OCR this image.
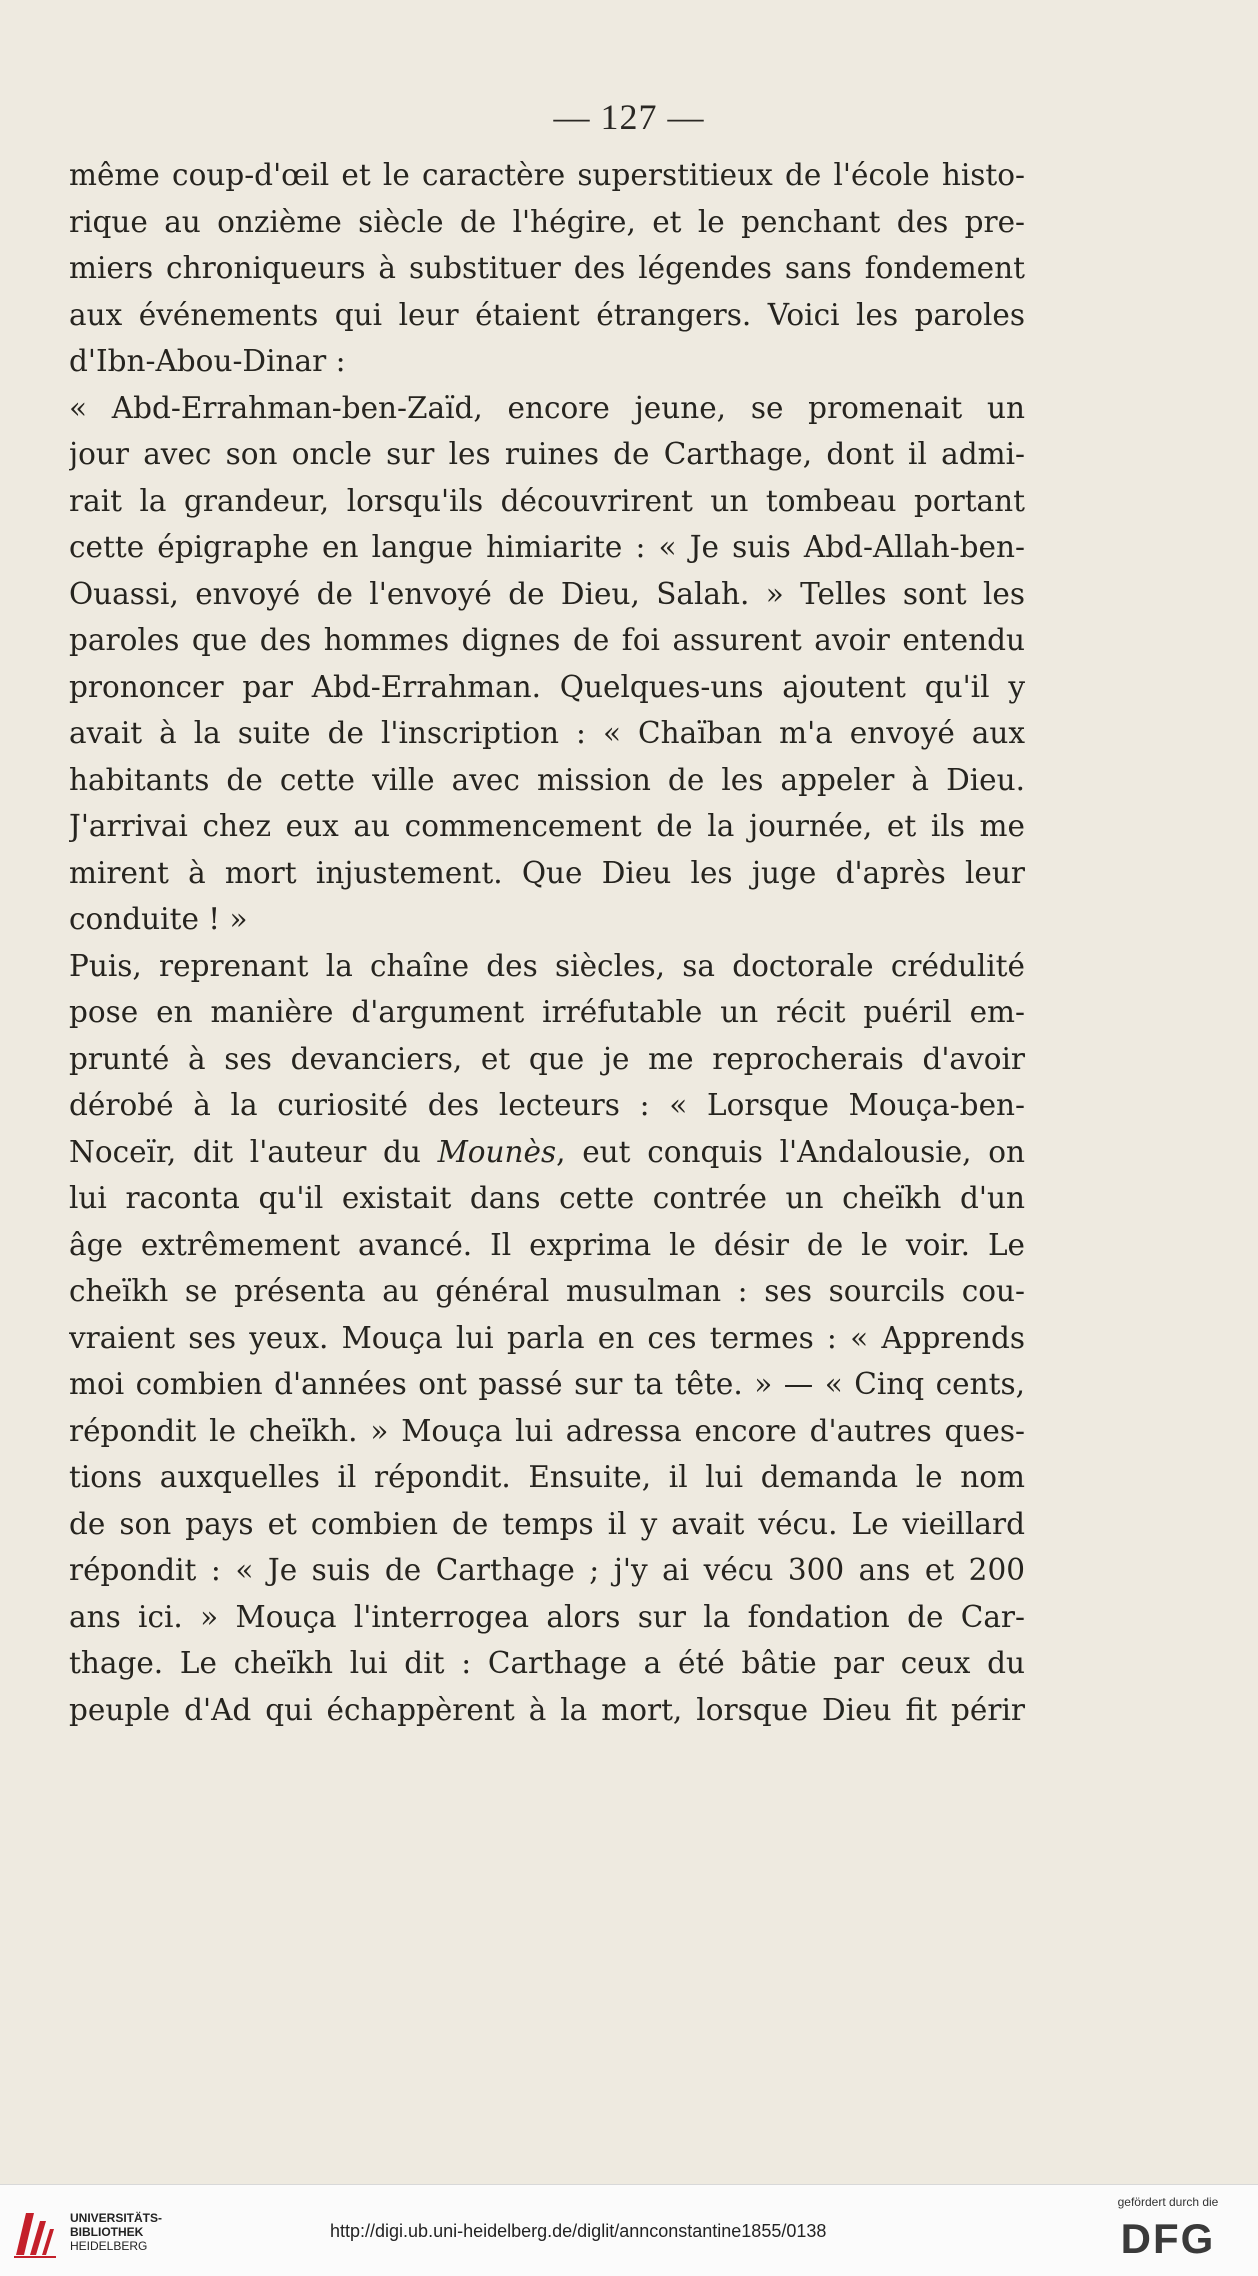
— 127 —
même coup-d'œil et le caractère superstitieux de l'école histo-
rique au onzième siècle de l'hégire, et le penchant des pre-
miers chroniqueurs à substituer des légendes sans fondement
aux événements qui leur étaient étrangers. Voici les paroles
d'Ibn-Abou-Dinar :
« Abd-Errahman-ben-Zaïd, encore jeune, se promenait un
jour avec son oncle sur les ruines de Carthage, dont il admi-
rait la grandeur, lorsqu'ils découvrirent un tombeau portant
cette épigraphe en langue himiarite : « Je suis Abd-Allah-ben-
Ouassi, envoyé de l'envoyé de Dieu, Salah. » Telles sont les
paroles que des hommes dignes de foi assurent avoir entendu
prononcer par Abd-Errahman. Quelques-uns ajoutent qu'il y
avait à la suite de l'inscription : « Chaïban m'a envoyé aux
habitants de cette ville avec mission de les appeler à Dieu.
J'arrivai chez eux au commencement de la journée, et ils me
mirent à mort injustement. Que Dieu les juge d'après leur
conduite ! »
Puis, reprenant la chaîne des siècles, sa doctorale crédulité
pose en manière d'argument irréfutable un récit puéril em-
prunté à ses devanciers, et que je me reprocherais d'avoir
dérobé à la curiosité des lecteurs : « Lorsque Mouça-ben-
Noceïr, dit l'auteur du Mounès, eut conquis l'Andalousie, on
lui raconta qu'il existait dans cette contrée un cheïkh d'un
âge extrêmement avancé. Il exprima le désir de le voir. Le
cheïkh se présenta au général musulman : ses sourcils cou-
vraient ses yeux. Mouça lui parla en ces termes : « Apprends
moi combien d'années ont passé sur ta tête. » — « Cinq cents,
répondit le cheïkh. » Mouça lui adressa encore d'autres ques-
tions auxquelles il répondit. Ensuite, il lui demanda le nom
de son pays et combien de temps il y avait vécu. Le vieillard
répondit : « Je suis de Carthage ; j'y ai vécu 300 ans et 200
ans ici. » Mouça l'interrogea alors sur la fondation de Car-
thage. Le cheïkh lui dit : Carthage a été bâtie par ceux du
peuple d'Ad qui échappèrent à la mort, lorsque Dieu fit périr
UNIVERSITÄTS-
BIBLIOTHEK
HEIDELBERG
http://digi.ub.uni-heidelberg.de/diglit/annconstantine1855/0138
gefördert durch die
DFG
